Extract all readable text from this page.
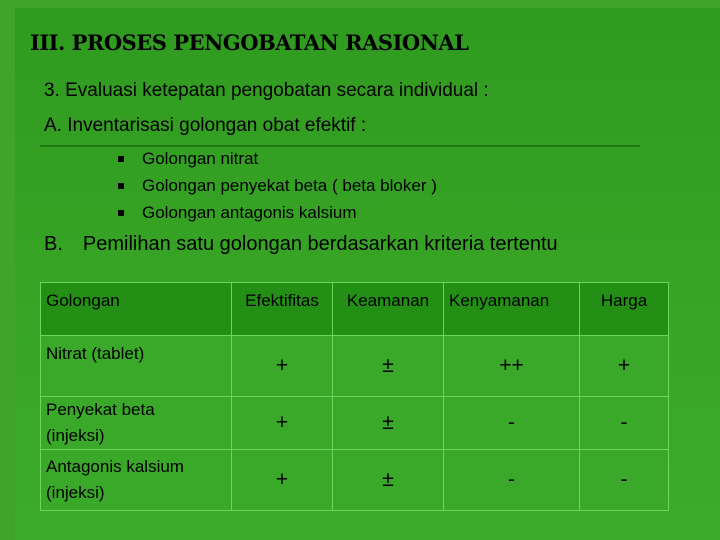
III. PROSES PENGOBATAN RASIONAL
3. Evaluasi ketepatan pengobatan secara individual :
A. Inventarisasi golongan obat efektif :
Golongan nitrat
Golongan penyekat beta ( beta bloker )
Golongan antagonis kalsium
B. Pemilihan satu golongan berdasarkan kriteria tertentu
Golongan	Efektifitas	Keamanan	Kenyamanan	Harga
Nitrat (tablet)	+	±	++	+

Penyekat beta
(injeksi)	+	±	-	-

Antagonis kalsium
(injeksi)	+	±	-	-
